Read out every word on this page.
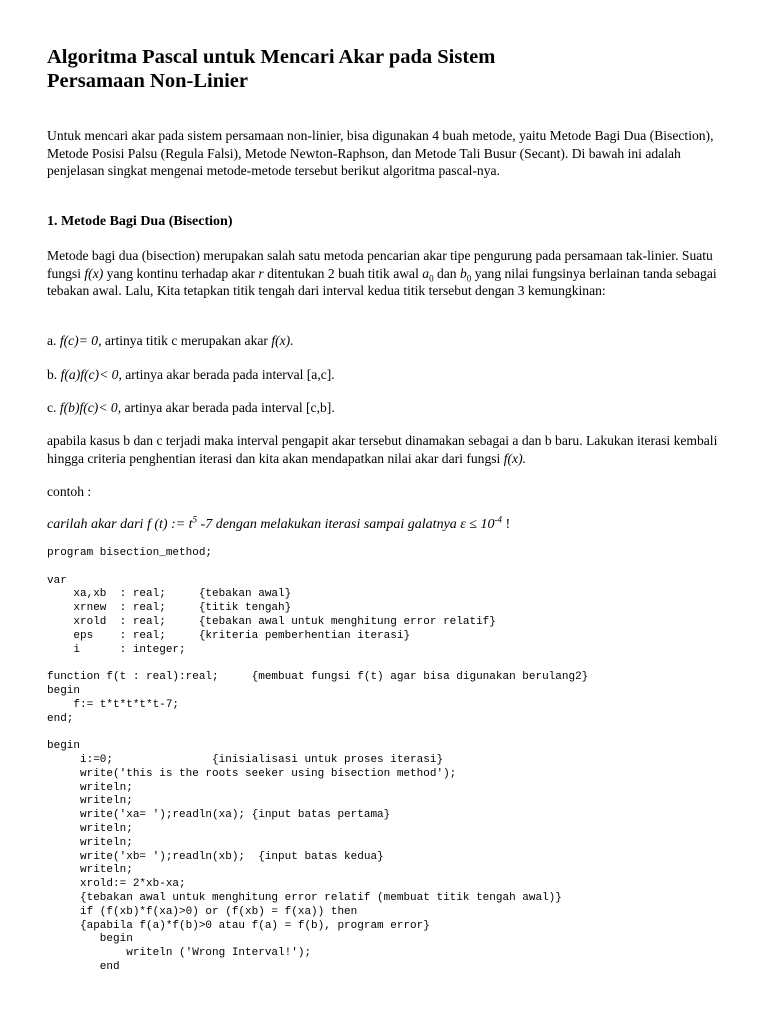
Algoritma Pascal untuk Mencari Akar pada Sistem
Persamaan Non-Linier

Untuk mencari akar pada sistem persamaan non-linier, bisa digunakan 4 buah metode, yaitu Metode Bagi Dua (Bisection), Metode Posisi Palsu (Regula Falsi), Metode Newton-Raphson, dan Metode Tali Busur (Secant). Di bawah ini adalah penjelasan singkat mengenai metode-metode tersebut berikut algoritma pascal-nya.

1. Metode Bagi Dua (Bisection)

Metode bagi dua (bisection) merupakan salah satu metoda pencarian akar tipe pengurung pada persamaan tak-linier. Suatu fungsi f(x) yang kontinu terhadap akar r ditentukan 2 buah titik awal $a_0$ dan $b_0$ yang nilai fungsinya berlainan tanda sebagai tebakan awal. Lalu, Kita tetapkan titik tengah dari interval kedua titik tersebut dengan 3 kemungkinan:

a. f(c)= 0, artinya titik c merupakan akar f(x).

b. f(a)f(c)< 0, artinya akar berada pada interval [a,c].

c. f(b)f(c)< 0, artinya akar berada pada interval [c,b].

apabila kasus b dan c terjadi maka interval pengapit akar tersebut dinamakan sebagai a dan b baru. Lakukan iterasi kembali hingga criteria penghentian iterasi dan kita akan mendapatkan nilai akar dari fungsi f(x).

contoh :

carilah akar dari f (t) := $t^5$ -7 dengan melakukan iterasi sampai galatnya $\varepsilon \le 10^{-4}$ !

program bisection_method;
var
xa,xb  : real;     {tebakan awal}
xrnew  : real;     {titik tengah}
xrold  : real;     {tebakan awal untuk menghitung error relatif}
eps    : real;     {kriteria pemberhentian iterasi}
i      : integer;
function f(t : real):real;     {membuat fungsi f(t) agar bisa digunakan berulang2}
begin
f:= t*t*t*t*t-7;
end;
begin
i:=0;               {inisialisasi untuk proses iterasi}
write('this is the roots seeker using bisection method');
writeln;
writeln;
write('xa= ');readln(xa); {input batas pertama}
writeln;
writeln;
write('xb= ');readln(xb);  {input batas kedua}
writeln;
xrold:= 2*xb-xa;
{tebakan awal untuk menghitung error relatif (membuat titik tengah awal)}
if (f(xb)*f(xa)>0) or (f(xb) = f(xa)) then
{apabila f(a)*f(b)>0 atau f(a) = f(b), program error}
begin
writeln ('Wrong Interval!');
end
